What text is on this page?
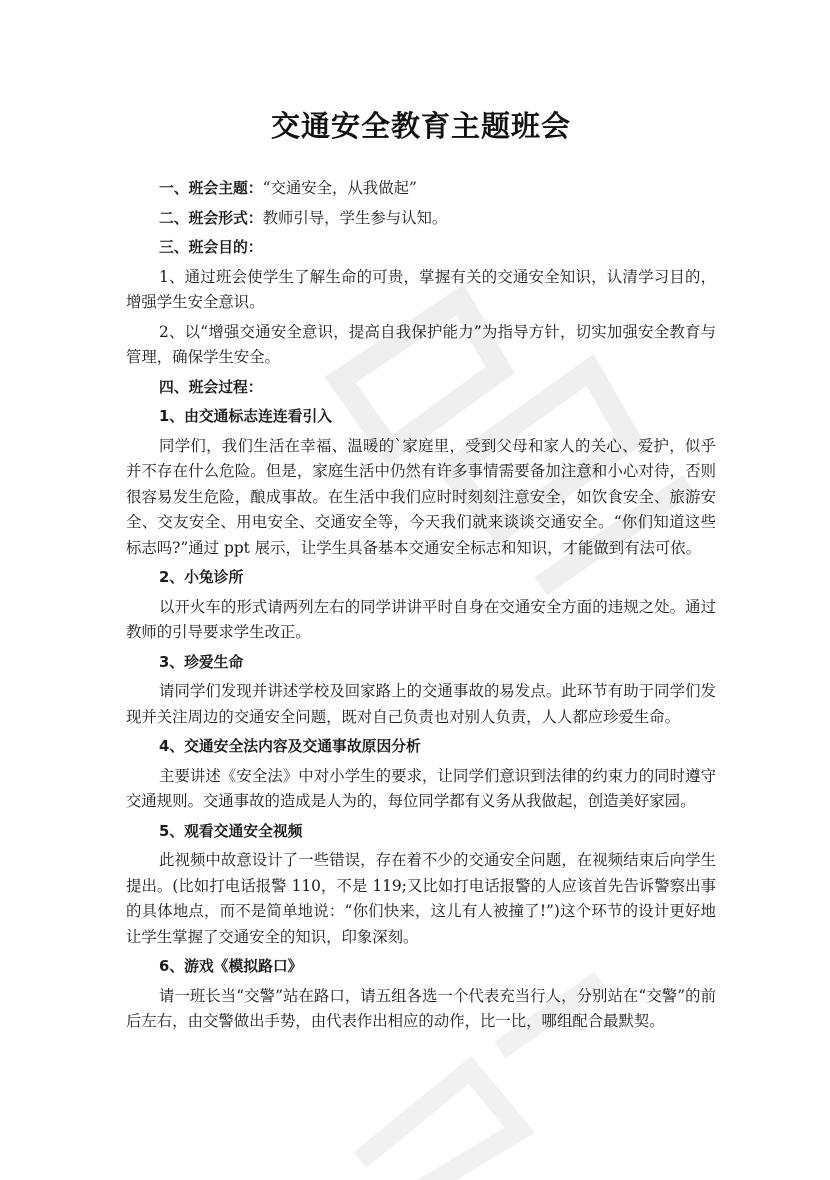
交通安全教育主题班会

一、班会主题：“交通安全，从我做起”

二、班会形式：教师引导，学生参与认知。

三、班会目的：

1、通过班会使学生了解生命的可贵，掌握有关的交通安全知识，认清学习目的，增强学生安全意识。

2、以“增强交通安全意识，提高自我保护能力”为指导方针，切实加强安全教育与管理，确保学生安全。

四、班会过程：

1、由交通标志连连看引入

同学们，我们生活在幸福、温暖的`家庭里，受到父母和家人的关心、爱护，似乎并不存在什么危险。但是，家庭生活中仍然有许多事情需要备加注意和小心对待，否则很容易发生危险，酿成事故。在生活中我们应时时刻刻注意安全，如饮食安全、旅游安全、交友安全、用电安全、交通安全等，今天我们就来谈谈交通安全。“你们知道这些标志吗?”通过 ppt 展示，让学生具备基本交通安全标志和知识，才能做到有法可依。

2、小兔诊所

以开火车的形式请两列左右的同学讲讲平时自身在交通安全方面的违规之处。通过教师的引导要求学生改正。

3、珍爱生命

请同学们发现并讲述学校及回家路上的交通事故的易发点。此环节有助于同学们发现并关注周边的交通安全问题，既对自己负责也对别人负责，人人都应珍爱生命。

4、交通安全法内容及交通事故原因分析

主要讲述《安全法》中对小学生的要求，让同学们意识到法律的约束力的同时遵守交通规则。交通事故的造成是人为的，每位同学都有义务从我做起，创造美好家园。

5、观看交通安全视频

此视频中故意设计了一些错误，存在着不少的交通安全问题，在视频结束后向学生提出。(比如打电话报警 110，不是 119;又比如打电话报警的人应该首先告诉警察出事的具体地点，而不是简单地说：“你们快来，这儿有人被撞了!”)这个环节的设计更好地让学生掌握了交通安全的知识，印象深刻。

6、游戏《模拟路口》

请一班长当“交警”站在路口，请五组各选一个代表充当行人，分别站在“交警”的前后左右，由交警做出手势，由代表作出相应的动作，比一比，哪组配合最默契。
